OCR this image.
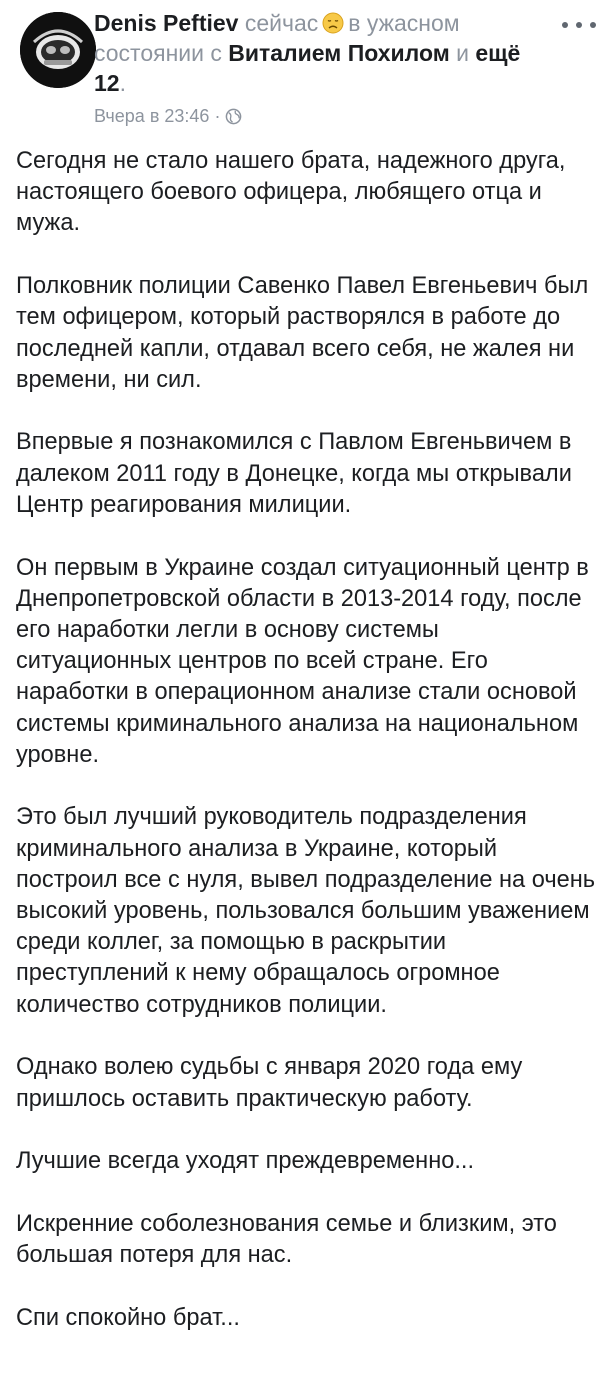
Denis Peftiev сейчас в ужасном состоянии с Виталием Похилом и ещё 12.
Вчера в 23:46 ·

Сегодня не стало нашего брата, надежного друга, настоящего боевого офицера, любящего отца и мужа.

Полковник полиции Савенко Павел Евгеньевич был тем офицером, который растворялся в работе до последней капли, отдавал всего себя, не жалея ни времени, ни сил.

Впервые я познакомился с Павлом Евгеньвичем в далеком 2011 году в Донецке, когда мы открывали Центр реагирования милиции.

Он первым в Украине создал ситуационный центр в Днепропетровской области в 2013-2014 году, после его наработки легли в основу системы ситуационных центров по всей стране. Его наработки в операционном анализе стали основой системы криминального анализа на национальном уровне.

Это был лучший руководитель подразделения криминального анализа в Украине, который построил все с нуля, вывел подразделение на очень высокий уровень, пользовался большим уважением среди коллег, за помощью в раскрытии преступлений к нему обращалось огромное количество сотрудников полиции.

Однако волею судьбы с января 2020 года ему пришлось оставить практическую работу.

Лучшие всегда уходят преждевременно...

Искренние соболезнования семье и близким, это большая потеря для нас.

Спи спокойно брат...
